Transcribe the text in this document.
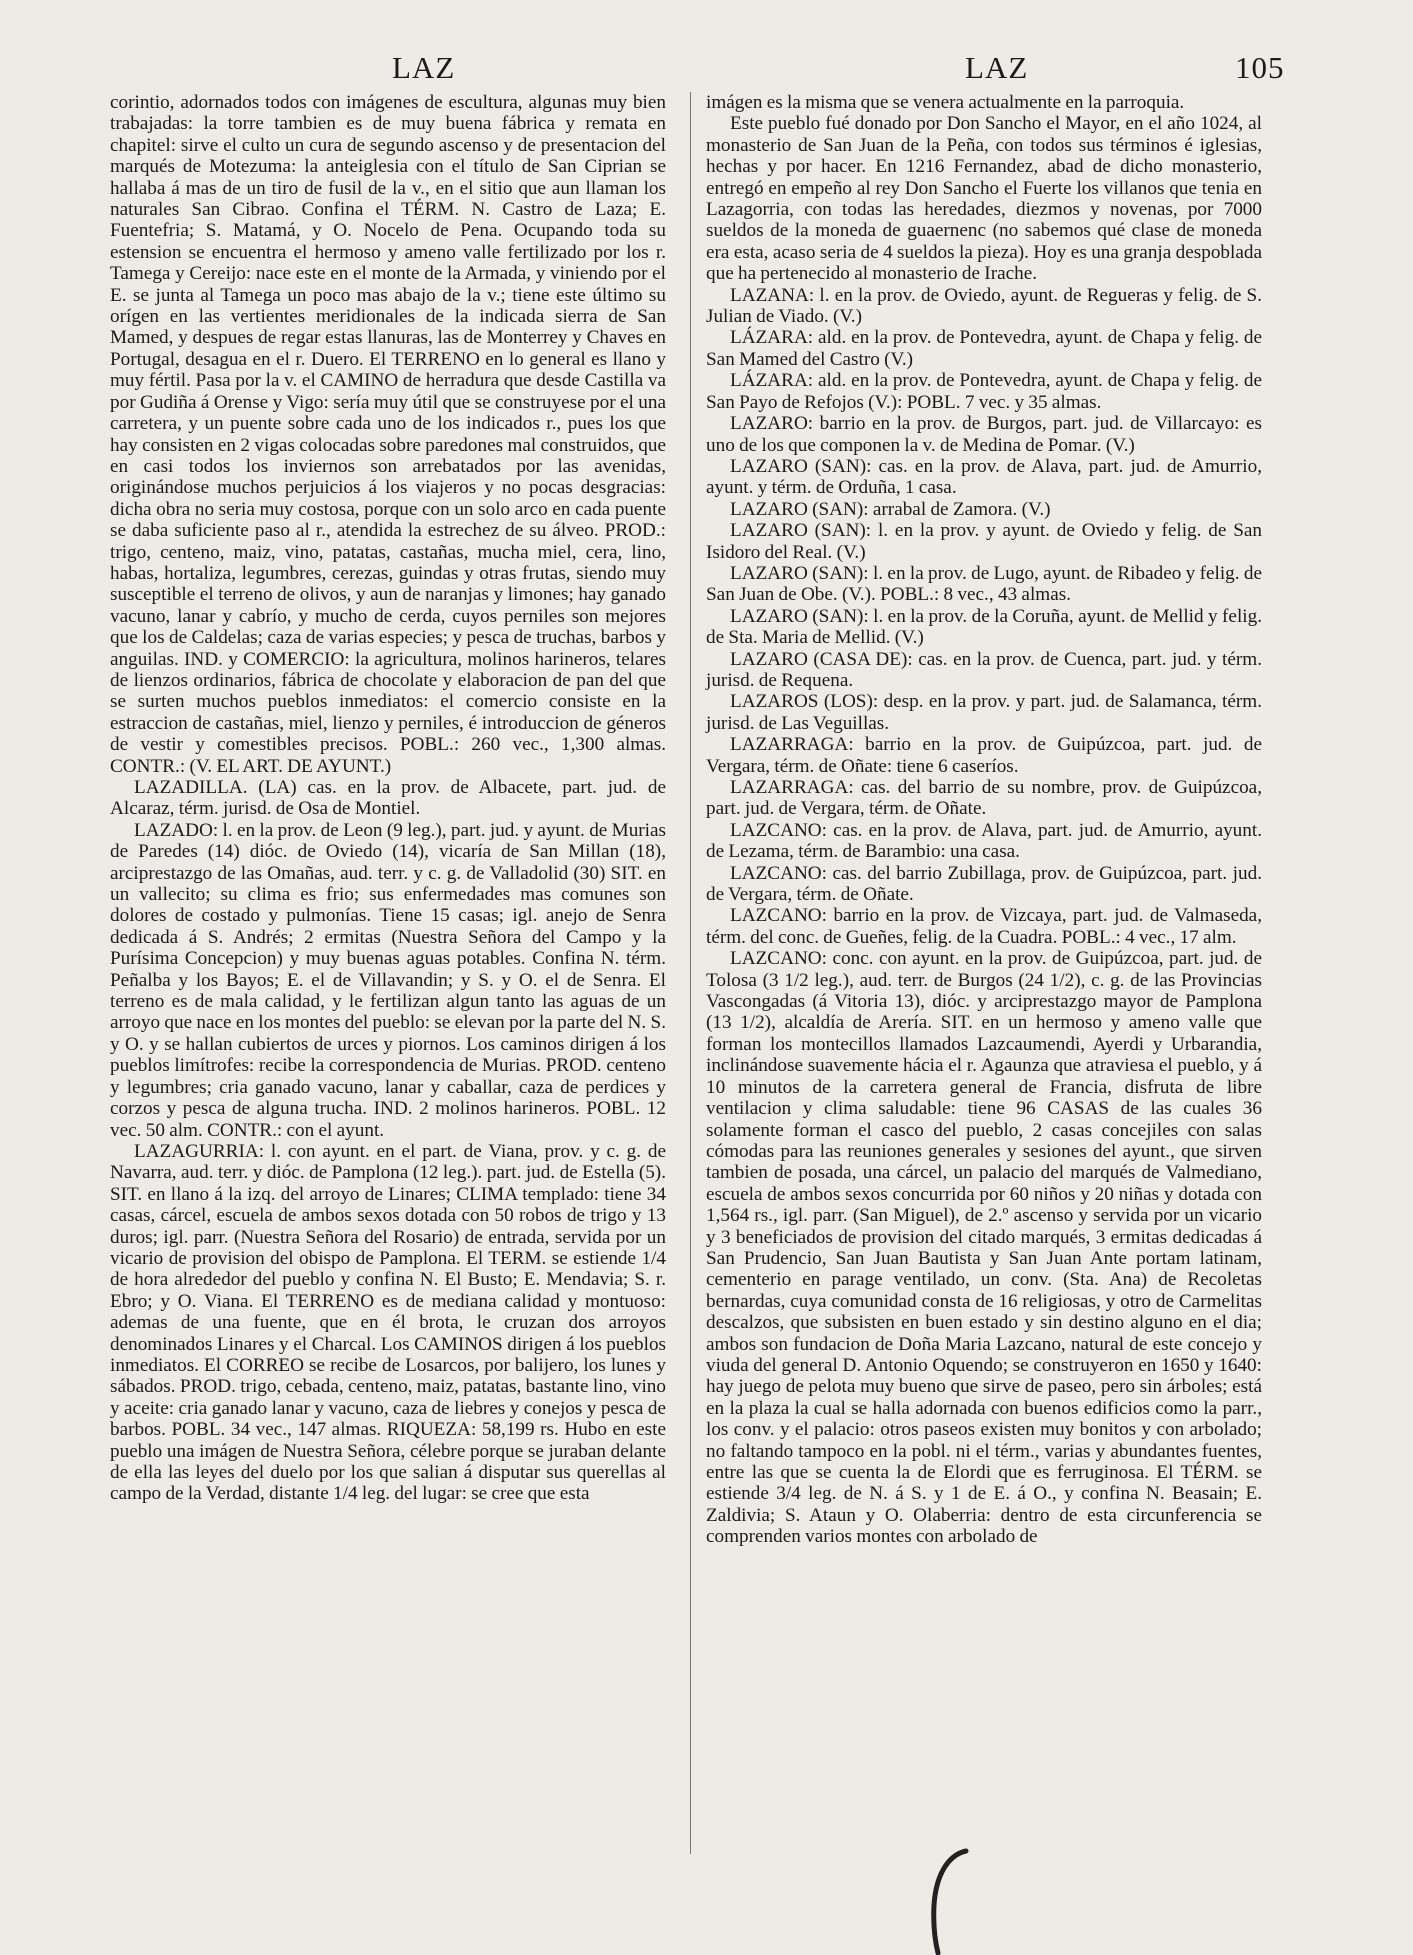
LAZ	LAZ	105

corintio, adornados todos con imágenes de escultura, algunas muy bien trabajadas: la torre tambien es de muy buena fábrica y remata en chapitel: sirve el culto un cura de segundo ascenso y de presentacion del marqués de Motezuma: la anteiglesia con el título de San Ciprian se hallaba á mas de un tiro de fusil de la v., en el sitio que aun llaman los naturales San Cibrao. Confina el TÉRM. N. Castro de Laza; E. Fuentefria; S. Matamá, y O. Nocelo de Pena. Ocupando toda su estension se encuentra el hermoso y ameno valle fertilizado por los r. Tamega y Cereijo: nace este en el monte de la Armada, y viniendo por el E. se junta al Tamega un poco mas abajo de la v.; tiene este último su orígen en las vertientes meridionales de la indicada sierra de San Mamed, y despues de regar estas llanuras, las de Monterrey y Chaves en Portugal, desagua en el r. Duero. El TERRENO en lo general es llano y muy fértil. Pasa por la v. el CAMINO de herradura que desde Castilla va por Gudiña á Orense y Vigo: sería muy útil que se construyese por el una carretera, y un puente sobre cada uno de los indicados r., pues los que hay consisten en 2 vigas colocadas sobre paredones mal construidos, que en casi todos los inviernos son arrebatados por las avenidas, originándose muchos perjuicios á los viajeros y no pocas desgracias: dicha obra no seria muy costosa, porque con un solo arco en cada puente se daba suficiente paso al r., atendida la estrechez de su álveo. PROD.: trigo, centeno, maiz, vino, patatas, castañas, mucha miel, cera, lino, habas, hortaliza, legumbres, cerezas, guindas y otras frutas, siendo muy susceptible el terreno de olivos, y aun de naranjas y limones; hay ganado vacuno, lanar y cabrío, y mucho de cerda, cuyos perniles son mejores que los de Caldelas; caza de varias especies; y pesca de truchas, barbos y anguilas. IND. y COMERCIO: la agricultura, molinos harineros, telares de lienzos ordinarios, fábrica de chocolate y elaboracion de pan del que se surten muchos pueblos inmediatos: el comercio consiste en la estraccion de castañas, miel, lienzo y perniles, é introduccion de géneros de vestir y comestibles precisos. POBL.: 260 vec., 1,300 almas. CONTR.: (V. EL ART. DE AYUNT.)

LAZADILLA. (LA) cas. en la prov. de Albacete, part. jud. de Alcaraz, térm. jurisd. de Osa de Montiel.

LAZADO: l. en la prov. de Leon (9 leg.), part. jud. y ayunt. de Murias de Paredes (14) dióc. de Oviedo (14), vicaría de San Millan (18), arciprestazgo de las Omañas, aud. terr. y c. g. de Valladolid (30) SIT. en un vallecito; su clima es frio; sus enfermedades mas comunes son dolores de costado y pulmonías. Tiene 15 casas; igl. anejo de Senra dedicada á S. Andrés; 2 ermitas (Nuestra Señora del Campo y la Purísima Concepcion) y muy buenas aguas potables. Confina N. térm. Peñalba y los Bayos; E. el de Villavandin; y S. y O. el de Senra. El terreno es de mala calidad, y le fertilizan algun tanto las aguas de un arroyo que nace en los montes del pueblo: se elevan por la parte del N. S. y O. y se hallan cubiertos de urces y piornos. Los caminos dirigen á los pueblos limítrofes: recibe la correspondencia de Murias. PROD. centeno y legumbres; cria ganado vacuno, lanar y caballar, caza de perdices y corzos y pesca de alguna trucha. IND. 2 molinos harineros. POBL. 12 vec. 50 alm. CONTR.: con el ayunt.

LAZAGURRIA: l. con ayunt. en el part. de Viana, prov. y c. g. de Navarra, aud. terr. y dióc. de Pamplona (12 leg.). part. jud. de Estella (5). SIT. en llano á la izq. del arroyo de Linares; CLIMA templado: tiene 34 casas, cárcel, escuela de ambos sexos dotada con 50 robos de trigo y 13 duros; igl. parr. (Nuestra Señora del Rosario) de entrada, servida por un vicario de provision del obispo de Pamplona. El TERM. se estiende 1/4 de hora alrededor del pueblo y confina N. El Busto; E. Mendavia; S. r. Ebro; y O. Viana. El TERRENO es de mediana calidad y montuoso: ademas de una fuente, que en él brota, le cruzan dos arroyos denominados Linares y el Charcal. Los CAMINOS dirigen á los pueblos inmediatos. El CORREO se recibe de Losarcos, por balijero, los lunes y sábados. PROD. trigo, cebada, centeno, maiz, patatas, bastante lino, vino y aceite: cria ganado lanar y vacuno, caza de liebres y conejos y pesca de barbos. POBL. 34 vec., 147 almas. RIQUEZA: 58,199 rs. Hubo en este pueblo una imágen de Nuestra Señora, célebre porque se juraban delante de ella las leyes del duelo por los que salian á disputar sus querellas al campo de la Verdad, distante 1/4 leg. del lugar: se cree que esta

imágen es la misma que se venera actualmente en la parroquia.

Este pueblo fué donado por Don Sancho el Mayor, en el año 1024, al monasterio de San Juan de la Peña, con todos sus términos é iglesias, hechas y por hacer. En 1216 Fernandez, abad de dicho monasterio, entregó en empeño al rey Don Sancho el Fuerte los villanos que tenia en Lazagorria, con todas las heredades, diezmos y novenas, por 7000 sueldos de la moneda de guaernenc (no sabemos qué clase de moneda era esta, acaso seria de 4 sueldos la pieza). Hoy es una granja despoblada que ha pertenecido al monasterio de Irache.

LAZANA: l. en la prov. de Oviedo, ayunt. de Regueras y felig. de S. Julian de Viado. (V.)

LÁZARA: ald. en la prov. de Pontevedra, ayunt. de Chapa y felig. de San Mamed del Castro (V.)

LÁZARA: ald. en la prov. de Pontevedra, ayunt. de Chapa y felig. de San Payo de Refojos (V.): POBL. 7 vec. y 35 almas.

LAZARO: barrio en la prov. de Burgos, part. jud. de Villarcayo: es uno de los que componen la v. de Medina de Pomar. (V.)

LAZARO (SAN): cas. en la prov. de Alava, part. jud. de Amurrio, ayunt. y térm. de Orduña, 1 casa.

LAZARO (SAN): arrabal de Zamora. (V.)

LAZARO (SAN): l. en la prov. y ayunt. de Oviedo y felig. de San Isidoro del Real. (V.)

LAZARO (SAN): l. en la prov. de Lugo, ayunt. de Ribadeo y felig. de San Juan de Obe. (V.). POBL.: 8 vec., 43 almas.

LAZARO (SAN): l. en la prov. de la Coruña, ayunt. de Mellid y felig. de Sta. Maria de Mellid. (V.)

LAZARO (CASA DE): cas. en la prov. de Cuenca, part. jud. y térm. jurisd. de Requena.

LAZAROS (LOS): desp. en la prov. y part. jud. de Salamanca, térm. jurisd. de Las Veguillas.

LAZARRAGA: barrio en la prov. de Guipúzcoa, part. jud. de Vergara, térm. de Oñate: tiene 6 caseríos.

LAZARRAGA: cas. del barrio de su nombre, prov. de Guipúzcoa, part. jud. de Vergara, térm. de Oñate.

LAZCANO: cas. en la prov. de Alava, part. jud. de Amurrio, ayunt. de Lezama, térm. de Barambio: una casa.

LAZCANO: cas. del barrio Zubillaga, prov. de Guipúzcoa, part. jud. de Vergara, térm. de Oñate.

LAZCANO: barrio en la prov. de Vizcaya, part. jud. de Valmaseda, térm. del conc. de Gueñes, felig. de la Cuadra. POBL.: 4 vec., 17 alm.

LAZCANO: conc. con ayunt. en la prov. de Guipúzcoa, part. jud. de Tolosa (3 1/2 leg.), aud. terr. de Burgos (24 1/2), c. g. de las Provincias Vascongadas (á Vitoria 13), dióc. y arciprestazgo mayor de Pamplona (13 1/2), alcaldía de Arería. SIT. en un hermoso y ameno valle que forman los montecillos llamados Lazcaumendi, Ayerdi y Urbarandia, inclinándose suavemente hácia el r. Agaunza que atraviesa el pueblo, y á 10 minutos de la carretera general de Francia, disfruta de libre ventilacion y clima saludable: tiene 96 CASAS de las cuales 36 solamente forman el casco del pueblo, 2 casas concejiles con salas cómodas para las reuniones generales y sesiones del ayunt., que sirven tambien de posada, una cárcel, un palacio del marqués de Valmediano, escuela de ambos sexos concurrida por 60 niños y 20 niñas y dotada con 1,564 rs., igl. parr. (San Miguel), de 2.º ascenso y servida por un vicario y 3 beneficiados de provision del citado marqués, 3 ermitas dedicadas á San Prudencio, San Juan Bautista y San Juan Ante portam latinam, cementerio en parage ventilado, un conv. (Sta. Ana) de Recoletas bernardas, cuya comunidad consta de 16 religiosas, y otro de Carmelitas descalzos, que subsisten en buen estado y sin destino alguno en el dia; ambos son fundacion de Doña Maria Lazcano, natural de este concejo y viuda del general D. Antonio Oquendo; se construyeron en 1650 y 1640: hay juego de pelota muy bueno que sirve de paseo, pero sin árboles; está en la plaza la cual se halla adornada con buenos edificios como la parr., los conv. y el palacio: otros paseos existen muy bonitos y con arbolado; no faltando tampoco en la pobl. ni el térm., varias y abundantes fuentes, entre las que se cuenta la de Elordi que es ferruginosa. El TÉRM. se estiende 3/4 leg. de N. á S. y 1 de E. á O., y confina N. Beasain; E. Zaldivia; S. Ataun y O. Olaberria: dentro de esta circunferencia se comprenden varios montes con arbolado de
